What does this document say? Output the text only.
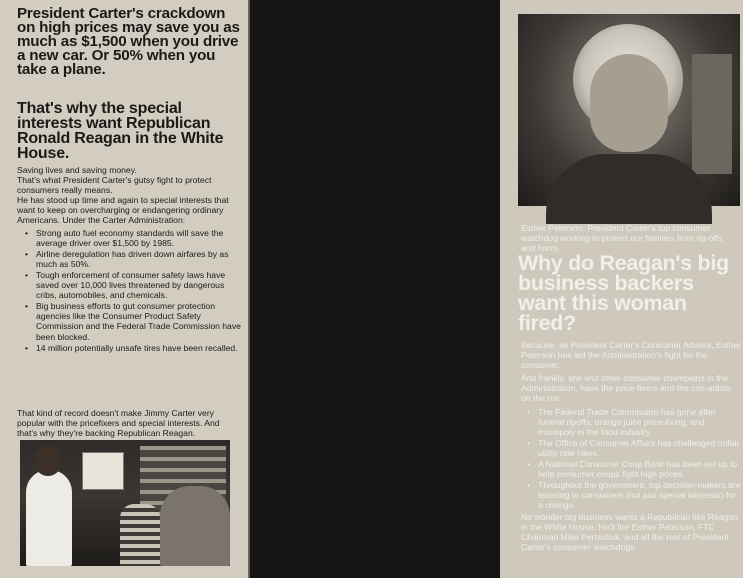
President Carter's crackdown on high prices may save you as much as $1,500 when you drive a new car. Or 50% when you take a plane.
That's why the special interests want Republican Ronald Reagan in the White House.
Saving lives and saving money.
That's what President Carter's gutsy fight to protect consumers really means.
He has stood up time and again to special interests that want to keep on overcharging or endangering ordinary Americans. Under the Carter Administration:
• Strong auto fuel economy standards will save the average driver over $1,500 by 1985.
• Airline deregulation has driven down airfares by as much as 50%.
• Tough enforcement of consumer safety laws have saved over 10,000 lives threatened by dangerous cribs, automobiles, and chemicals.
• Big business efforts to gut consumer protection agencies like the Consumer Product Safety Commission and the Federal Trade Commission have been blocked.
• 14 million potentially unsafe tires have been recalled.
That kind of record doesn't make Jimmy Carter very popular with the pricefixers and special interests. And that's why they're backing Republican Reagan.

Esther Peterson. President Carter's top consumer watchdog working to protect our families from rip-offs and harm.

Why do Reagan's big business backers want this woman fired?

Because, as President Carter's Consumer Advisor, Esther Peterson has led the Administration's fight for the consumer.

And frankly, she and other consumer champions in the Administration, have the price-fixers and the con-artists on the run.

• The Federal Trade Commission has gone after funeral ripoffs, orange juice price-fixing, and monopoly in the food industry.
• The Office of Consumer Affairs has challenged unfair utility rate hikes.
• A National Consumer Coop Bank has been set up to help consumer coops fight high prices.
• Throughout the government, top decision-makers are listening to consumers (not just special interests) for a change.

No wonder big business wants a Republican like Reagan in the White House. He'll fire Esther Peterson, FTC Chairman Mike Pertschuk, and all the rest of President Carter's consumer watchdogs.
